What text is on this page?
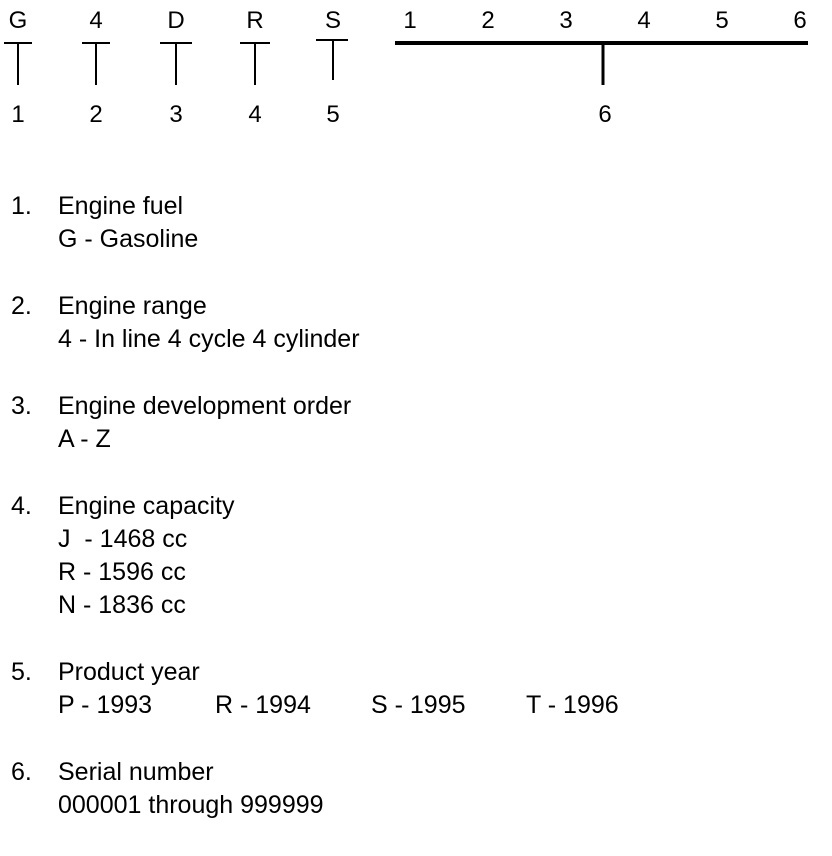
G	4	D	R	S	1	2	3	4	5	6
1	2	3	4	5	6
1. Engine fuel
G - Gasoline
2. Engine range
4 - In line 4 cycle 4 cylinder
3. Engine development order
A - Z
4. Engine capacity
J  - 1468 cc
R - 1596 cc
N - 1836 cc
5. Product year
P - 1993	R - 1994 S - 1995 T - 1996
6. Serial number
000001 through 999999
